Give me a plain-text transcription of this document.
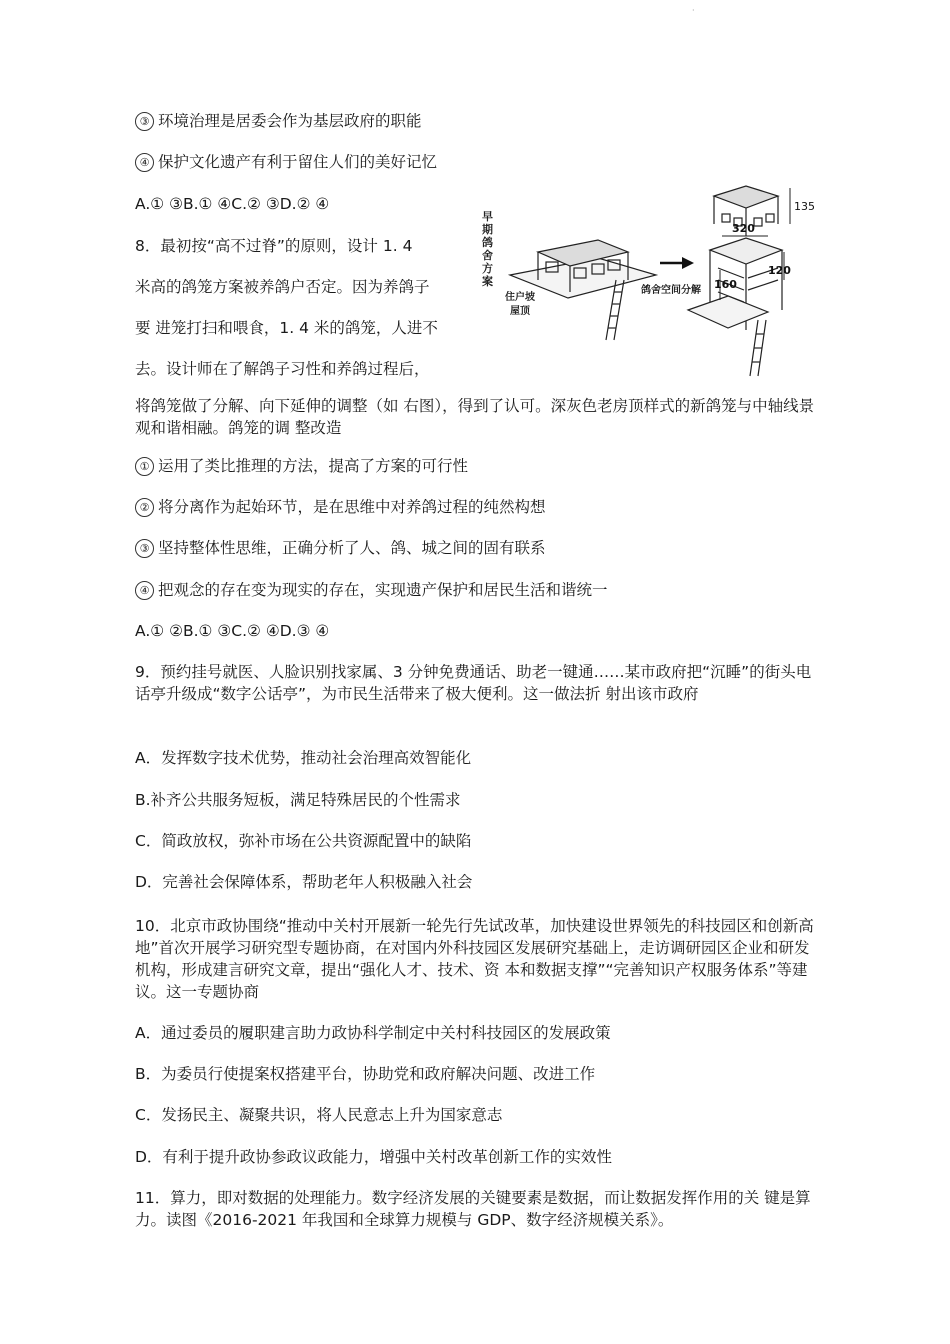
·
③ 环境治理是居委会作为基层政府的职能
④ 保护文化遗产有利于留住人们的美好记忆
A.① ③B.① ④C.② ③D.② ④
8．最初按“高不过脊”的原则，设计 1. 4
米高的鸽笼方案被养鸽户否定。因为养鸽子
要 进笼打扫和喂食，1. 4 米的鸽笼，人进不
去。设计师在了解鸽子习性和养鸽过程后，
将鸽笼做了分解、向下延伸的调整（如 右图），得到了认可。深灰色老房顶样式的新鸽笼与中轴线景观和谐相融。鸽笼的调 整改造
早期鸽舍方案
住户坡
屋顶
鸽舍空间分解
135
320
120
160
① 运用了类比推理的方法，提高了方案的可行性
② 将分离作为起始环节，是在思维中对养鸽过程的纯然构想
③ 坚持整体性思维，正确分析了人、鸽、城之间的固有联系
④ 把观念的存在变为现实的存在，实现遗产保护和居民生活和谐统一
A.① ②B.① ③C.② ④D.③ ④
9．预约挂号就医、人脸识别找家属、3 分钟免费通话、助老一键通……某市政府把“沉睡”的街头电话亭升级成“数字公话亭”，为市民生活带来了极大便利。这一做法折 射出该市政府
A．发挥数字技术优势，推动社会治理高效智能化
B.补齐公共服务短板，满足特殊居民的个性需求
C．简政放权，弥补市场在公共资源配置中的缺陷
D．完善社会保障体系，帮助老年人积极融入社会
10．北京市政协围绕“推动中关村开展新一轮先行先试改革，加快建设世界领先的科技园区和创新高地”首次开展学习研究型专题协商，在对国内外科技园区发展研究基础上，走访调研园区企业和研发机构，形成建言研究文章，提出“强化人才、技术、资 本和数据支撑”“完善知识产权服务体系”等建议。这一专题协商
A．通过委员的履职建言助力政协科学制定中关村科技园区的发展政策
B．为委员行使提案权搭建平台，协助党和政府解决问题、改进工作
C．发扬民主、凝聚共识，将人民意志上升为国家意志
D．有利于提升政协参政议政能力，增强中关村改革创新工作的实效性
11．算力，即对数据的处理能力。数字经济发展的关键要素是数据，而让数据发挥作用的关 键是算力。读图《2016-2021 年我国和全球算力规模与 GDP、数字经济规模关系》。
